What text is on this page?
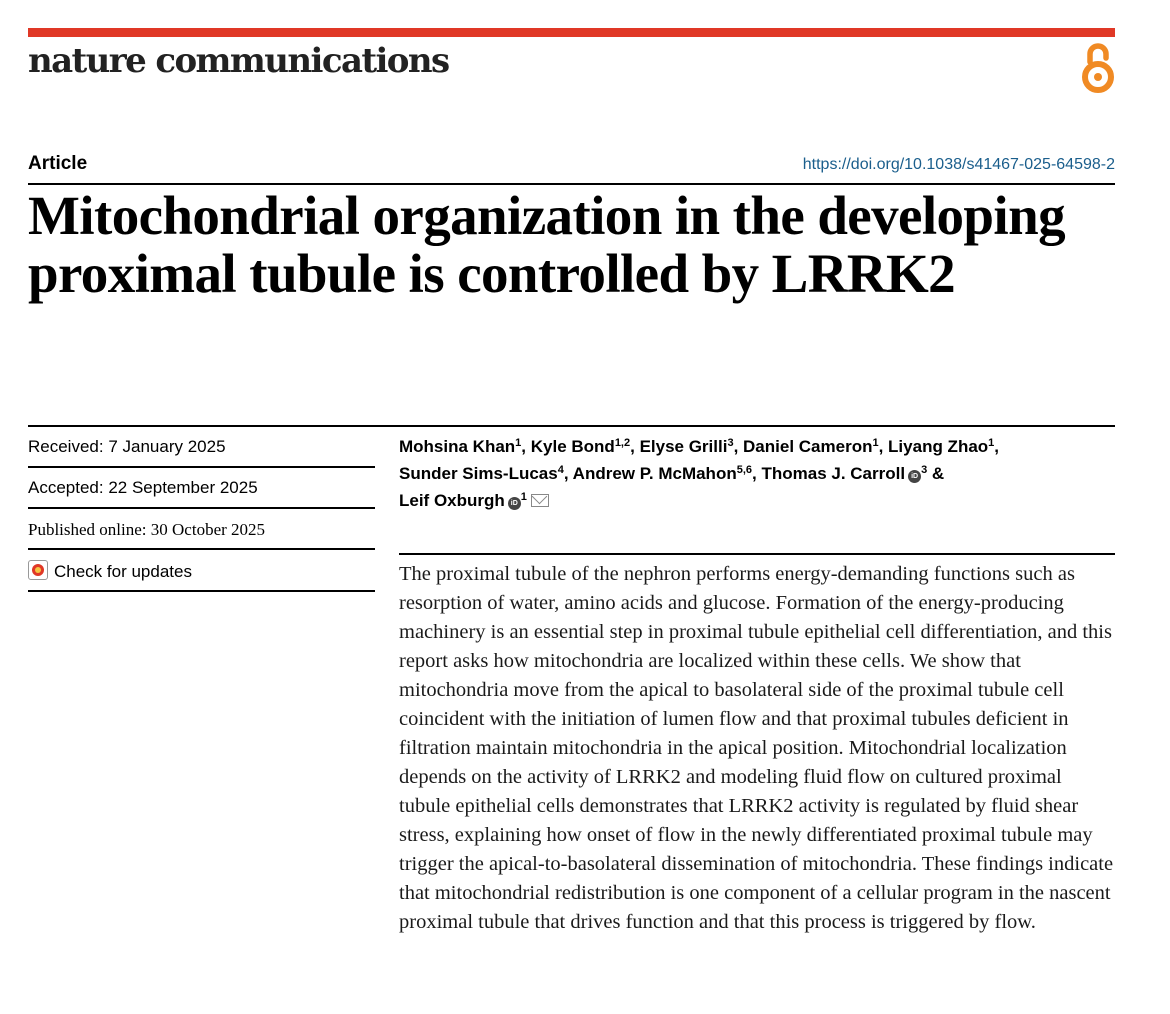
nature communications
Article	https://doi.org/10.1038/s41467-025-64598-2
Mitochondrial organization in the developing proximal tubule is controlled by LRRK2
Received: 7 January 2025
Accepted: 22 September 2025
Published online: 30 October 2025
Check for updates
Mohsina Khan$^1$, Kyle Bond$^{1,2}$, Elyse Grilli$^3$, Daniel Cameron$^1$, Liyang Zhao$^1$,
Sunder Sims-Lucas$^4$, Andrew P. McMahon$^{5,6}$, Thomas J. Carroll $iD^3$ &
Leif Oxburgh $iD^1$

The proximal tubule of the nephron performs energy-demanding functions such as resorption of water, amino acids and glucose. Formation of the energy-producing machinery is an essential step in proximal tubule epithelial cell differentiation, and this report asks how mitochondria are localized within these cells. We show that mitochondria move from the apical to basolateral side of the proximal tubule cell coincident with the initiation of lumen flow and that proximal tubules deficient in filtration maintain mitochondria in the apical position. Mitochondrial localization depends on the activity of LRRK2 and modeling fluid flow on cultured proximal tubule epithelial cells demonstrates that LRRK2 activity is regulated by fluid shear stress, explaining how onset of flow in the newly differentiated proximal tubule may trigger the apical-to-basolateral dissemination of mitochondria. These findings indicate that mitochondrial redistribution is one component of a cellular program in the nascent proximal tubule that drives function and that this process is triggered by flow.
